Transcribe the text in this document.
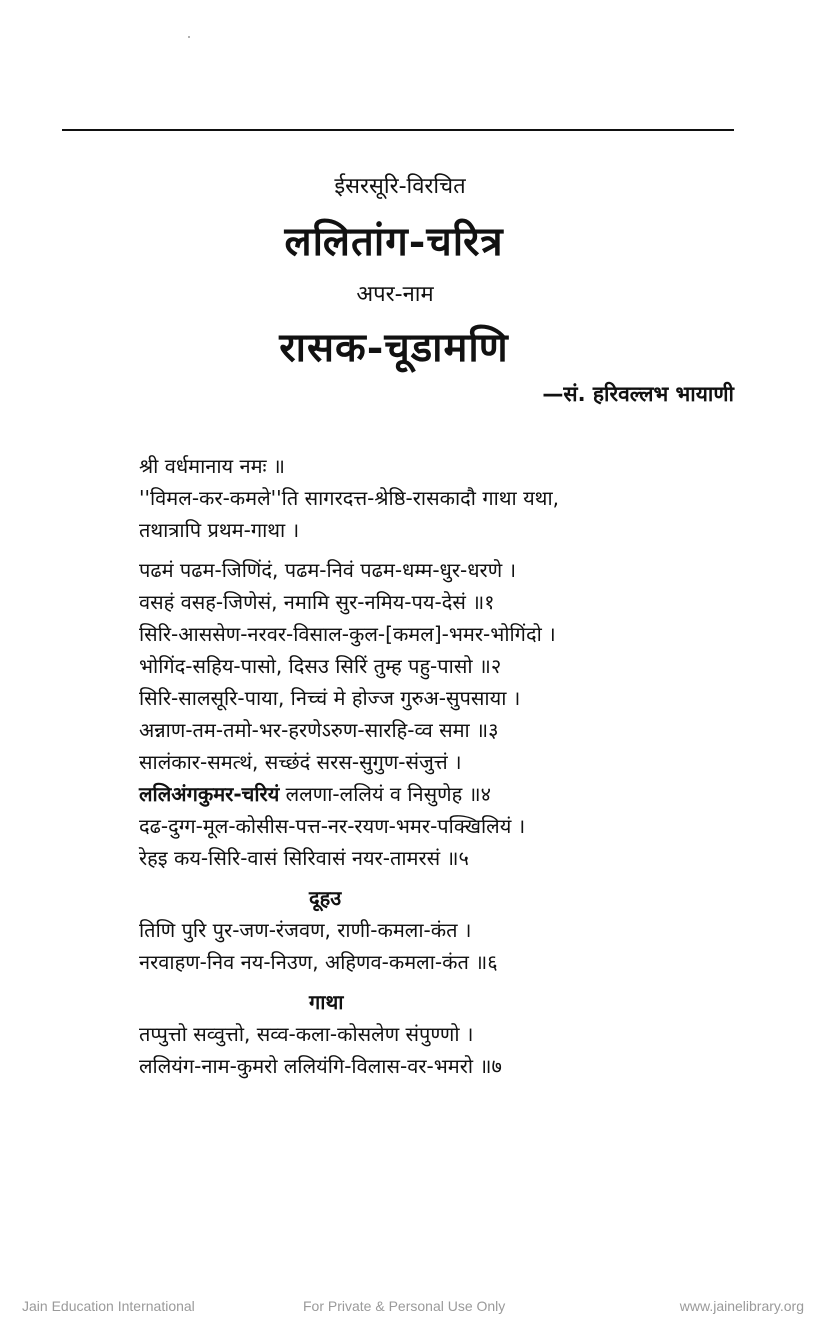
ईसरसूरि-विरचित
ललितांग-चरित्र
अपर-नाम
रासक-चूडामणि
—सं. हरिवल्लभ भायाणी
श्री वर्धमानाय नमः ॥
''विमल-कर-कमले''ति सागरदत्त-श्रेष्ठि-रासकादौ गाथा यथा,
तथात्रापि प्रथम-गाथा ।
पढमं पढम-जिणिंदं, पढम-निवं पढम-धम्म-धुर-धरणे ।
वसहं वसह-जिणेसं, नमामि सुर-नमिय-पय-देसं ॥१
सिरि-आससेण-नरवर-विसाल-कुल-[कमल]-भमर-भोगिंदो ।
भोगिंद-सहिय-पासो, दिसउ सिरिं तुम्ह पहु-पासो ॥२
सिरि-सालसूरि-पाया, निच्चं मे होज्ज गुरुअ-सुपसाया ।
अन्नाण-तम-तमो-भर-हरणेऽरुण-सारहि-व्व समा ॥३
सालंकार-समत्थं, सच्छंदं सरस-सुगुण-संजुत्तं ।
ललिअंगकुमर-चरियं ललणा-ललियं व निसुणेह ॥४
दढ-दुग्ग-मूल-कोसीस-पत्त-नर-रयण-भमर-पक्खिलियं ।
रेहइ कय-सिरि-वासं सिरिवासं नयर-तामरसं ॥५
दूहउ
तिणि पुरि पुर-जण-रंजवण, राणी-कमला-कंत ।
नरवाहण-निव नय-निउण, अहिणव-कमला-कंत ॥६
गाथा
तप्पुत्तो सव्वुत्तो, सव्व-कला-कोसलेण संपुण्णो ।
ललियंग-नाम-कुमरो ललियंगि-विलास-वर-भमरो ॥७
Jain Education International	For Private & Personal Use Only	www.jainelibrary.org
